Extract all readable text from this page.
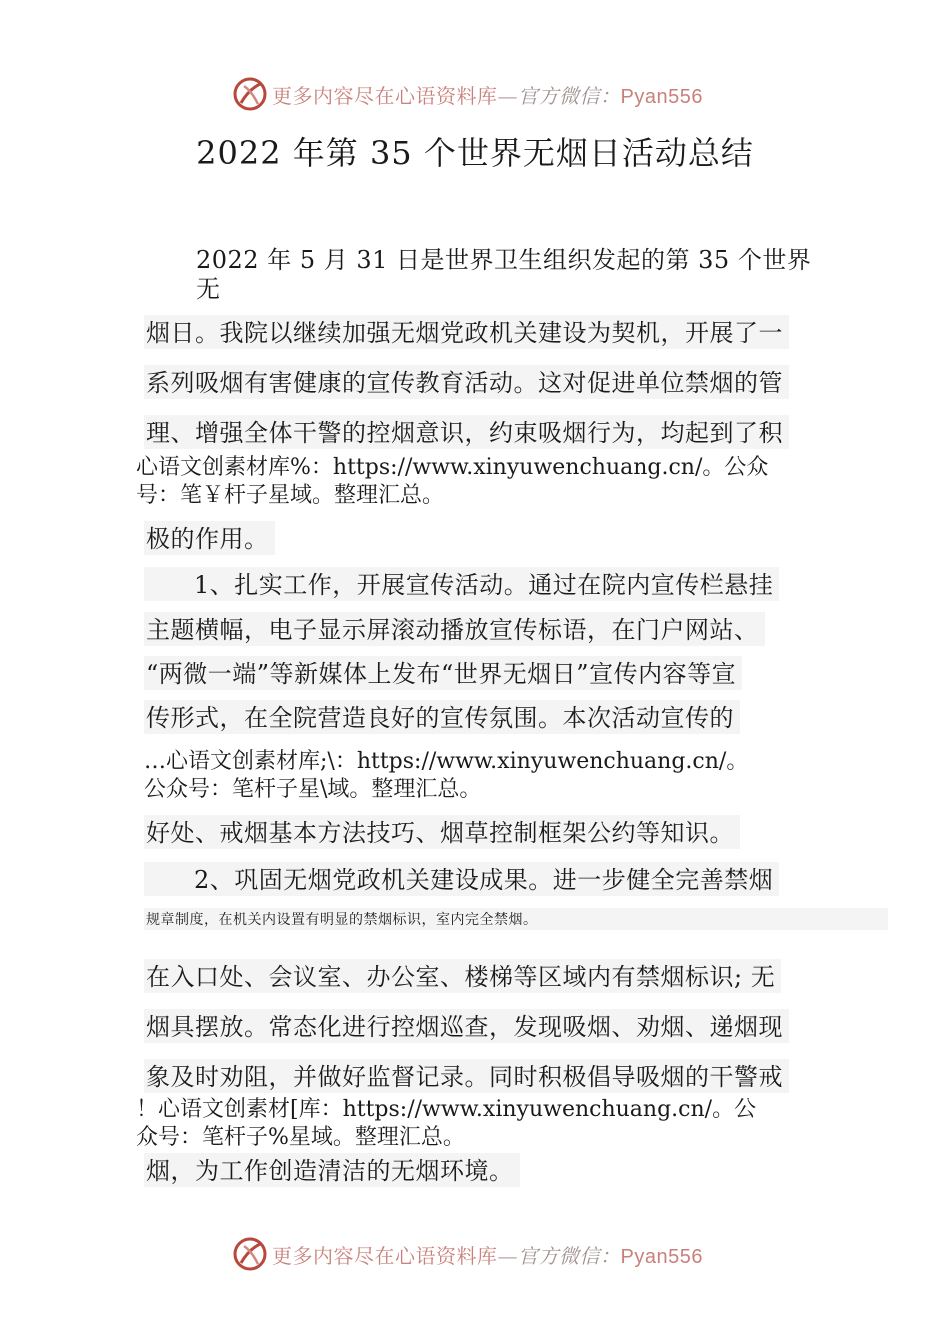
更多内容尽在心语资料库—官方微信：Pyan556
2022 年第 35 个世界无烟日活动总结
2022 年 5 月 31 日是世界卫生组织发起的第 35 个世界
无
烟日。我院以继续加强无烟党政机关建设为契机，开展了一
系列吸烟有害健康的宣传教育活动。这对促进单位禁烟的管
理、增强全体干警的控烟意识，约束吸烟行为，均起到了积
心语文创素材库%：https://www.xinyuwenchuang.cn/。公众
号：笔￥杆子星域。整理汇总。
极的作用。
1、扎实工作，开展宣传活动。通过在院内宣传栏悬挂
主题横幅，电子显示屏滚动播放宣传标语，在门户网站、
“两微一端”等新媒体上发布“世界无烟日”宣传内容等宣
传形式，在全院营造良好的宣传氛围。本次活动宣传的
…心语文创素材库;\：https://www.xinyuwenchuang.cn/。
公众号：笔杆子星\域。整理汇总。
好处、戒烟基本方法技巧、烟草控制框架公约等知识。
2、巩固无烟党政机关建设成果。进一步健全完善禁烟
规章制度，在机关内设置有明显的禁烟标识，室内完全禁烟。
在入口处、会议室、办公室、楼梯等区域内有禁烟标识; 无
烟具摆放。常态化进行控烟巡查，发现吸烟、劝烟、递烟现
象及时劝阻，并做好监督记录。同时积极倡导吸烟的干警戒
！心语文创素材[库：https://www.xinyuwenchuang.cn/。公
众号：笔杆子%星域。整理汇总。
烟，为工作创造清洁的无烟环境。
更多内容尽在心语资料库—官方微信：Pyan556
